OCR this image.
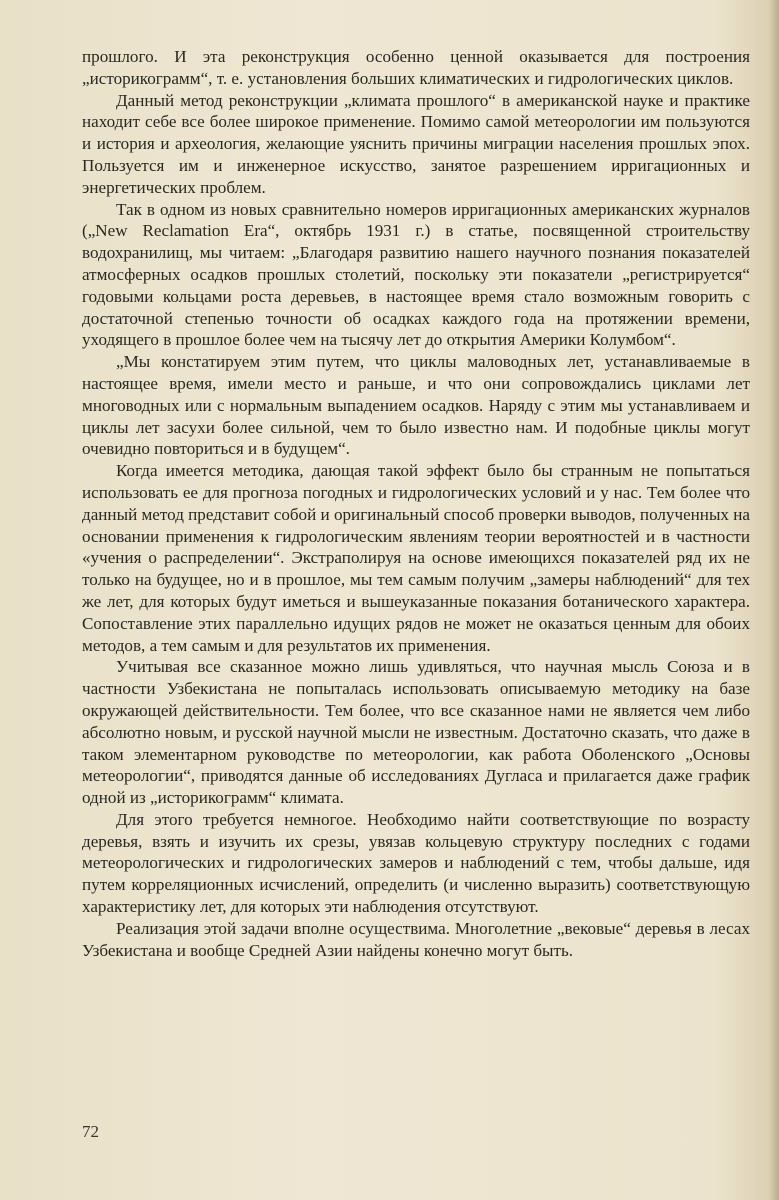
прошлого. И эта реконструкция особенно ценной оказывается для построения „историкограмм“, т. е. установления больших климатических и гидрологических циклов.

Данный метод реконструкции „климата прошлого“ в американской науке и практике находит себе все более широкое применение. Помимо самой метеорологии им пользуются и история и археология, желающие уяснить причины миграции населения прошлых эпох. Пользуется им и инженерное искусство, занятое разрешением ирригационных и энергетических проблем.

Так в одном из новых сравнительно номеров ирригационных американских журналов („New Reclamation Era“, октябрь 1931 г.) в статье, посвященной строительству водохранилищ, мы читаем: „Благодаря развитию нашего научного познания показателей атмосферных осадков прошлых столетий, поскольку эти показатели „регистрируется“ годовыми кольцами роста деревьев, в настоящее время стало возможным говорить с достаточной степенью точности об осадках каждого года на протяжении времени, уходящего в прошлое более чем на тысячу лет до открытия Америки Колумбом“.

„Мы констатируем этим путем, что циклы маловодных лет, устанавливаемые в настоящее время, имели место и раньше, и что они сопровождались циклами лет многоводных или с нормальным выпадением осадков. Наряду с этим мы устанавливаем и циклы лет засухи более сильной, чем то было известно нам. И подобные циклы могут очевидно повториться и в будущем“.

Когда имеется методика, дающая такой эффект было бы странным не попытаться использовать ее для прогноза погодных и гидрологических условий и у нас. Тем более что данный метод представит собой и оригинальный способ проверки выводов, полученных на основании применения к гидрологическим явлениям теории вероятностей и в частности «учения о распределении“. Экстраполируя на основе имеющихся показателей ряд их не только на будущее, но и в прошлое, мы тем самым получим „замеры наблюдений“ для тех же лет, для которых будут иметься и вышеуказанные показания ботанического характера. Сопоставление этих параллельно идущих рядов не может не оказаться ценным для обоих методов, а тем самым и для результатов их применения.

Учитывая все сказанное можно лишь удивляться, что научная мысль Союза и в частности Узбекистана не попыталась использовать описываемую методику на базе окружающей действительности. Тем более, что все сказанное нами не является чем либо абсолютно новым, и русской научной мысли не известным. Достаточно сказать, что даже в таком элементарном руководстве по метеорологии, как работа Оболенского „Основы метеорологии“, приводятся данные об исследованиях Дугласа и прилагается даже график одной из „историкограмм“ климата.

Для этого требуется немногое. Необходимо найти соответствующие по возрасту деревья, взять и изучить их срезы, увязав кольцевую структуру последних с годами метеорологических и гидрологических замеров и наблюдений с тем, чтобы дальше, идя путем корреляционных исчислений, определить (и численно выразить) соответствующую характеристику лет, для которых эти наблюдения отсутствуют.

Реализация этой задачи вполне осуществима. Многолетние „вековые“ деревья в лесах Узбекистана и вообще Средней Азии найдены конечно могут быть.

72
